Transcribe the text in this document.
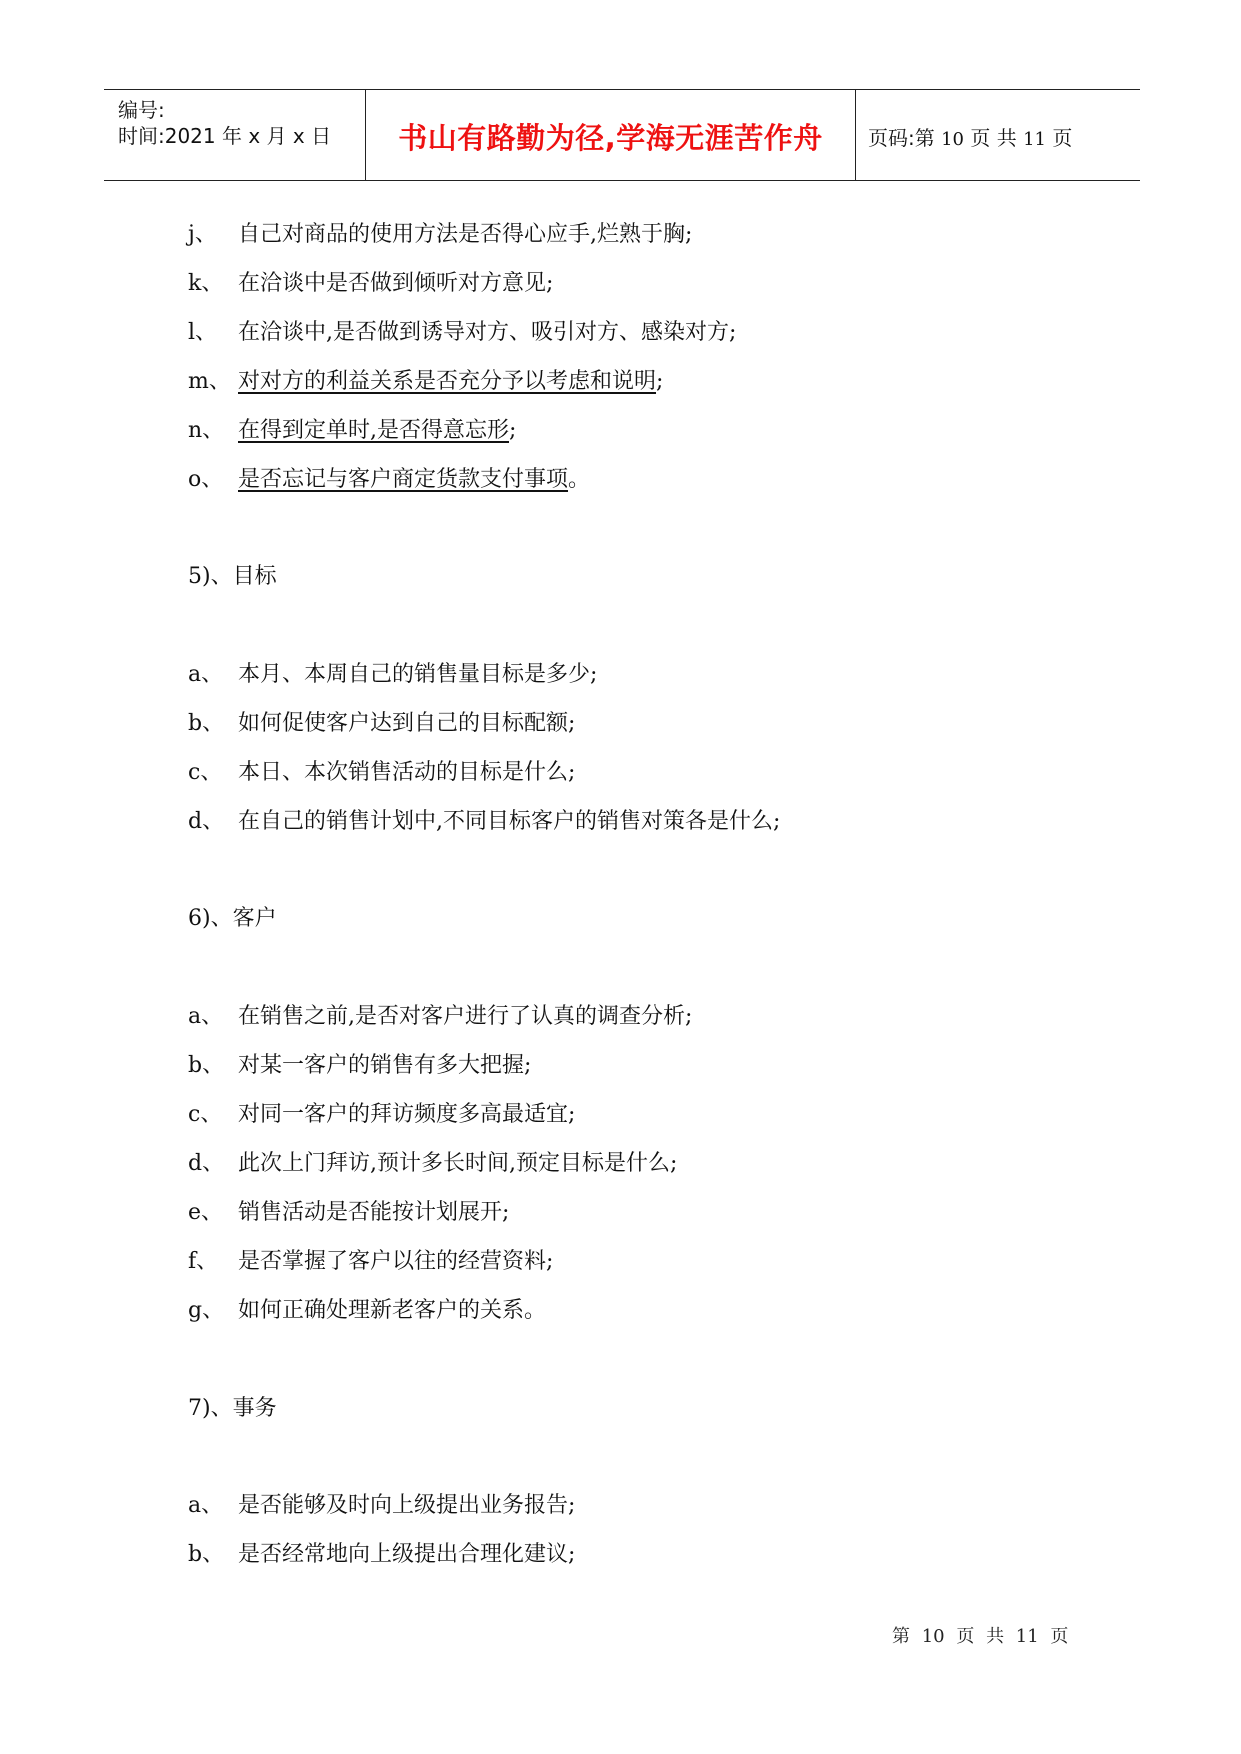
编号:
时间:2021 年 x 月 x 日	书山有路勤为径,学海无涯苦作舟	页码:第 10 页 共 11 页
j、 自己对商品的使用方法是否得心应手,烂熟于胸;
k、 在洽谈中是否做到倾听对方意见;
l、 在洽谈中,是否做到诱导对方、吸引对方、感染对方;
m、 对对方的利益关系是否充分予以考虑和说明;
n、 在得到定单时,是否得意忘形;
o、 是否忘记与客户商定货款支付事项。
5)、目标
a、 本月、本周自己的销售量目标是多少;
b、 如何促使客户达到自己的目标配额;
c、 本日、本次销售活动的目标是什么;
d、 在自己的销售计划中,不同目标客户的销售对策各是什么;
6)、客户
a、 在销售之前,是否对客户进行了认真的调查分析;
b、 对某一客户的销售有多大把握;
c、 对同一客户的拜访频度多高最适宜;
d、 此次上门拜访,预计多长时间,预定目标是什么;
e、 销售活动是否能按计划展开;
f、 是否掌握了客户以往的经营资料;
g、 如何正确处理新老客户的关系。
7)、事务
a、 是否能够及时向上级提出业务报告;
b、 是否经常地向上级提出合理化建议;
第 10 页 共 11 页
